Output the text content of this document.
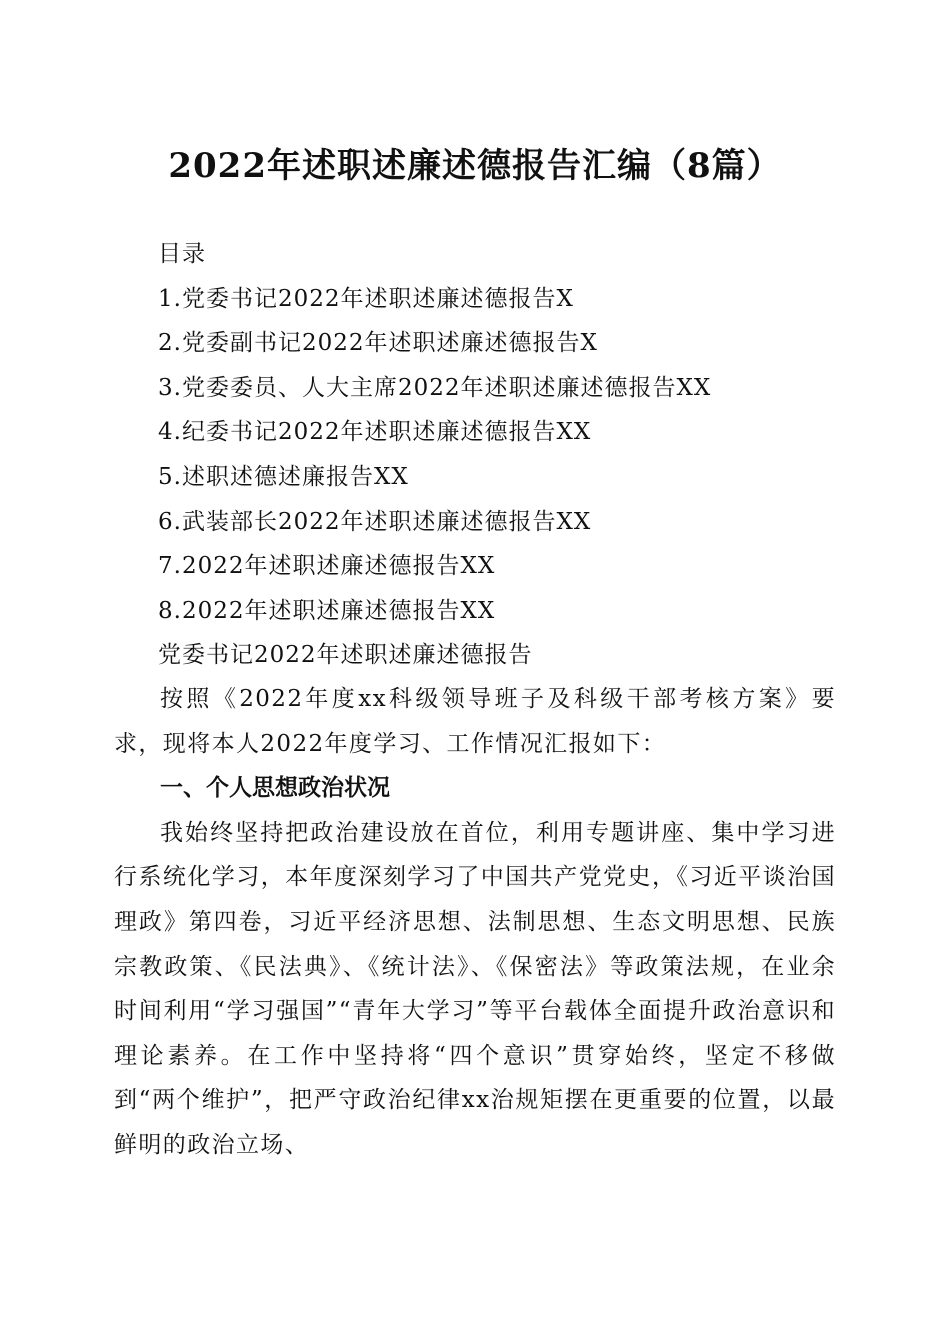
2022年述职述廉述德报告汇编（8篇）
目录
1.党委书记2022年述职述廉述德报告X
2.党委副书记2022年述职述廉述德报告X
3.党委委员、人大主席2022年述职述廉述德报告XX
4.纪委书记2022年述职述廉述德报告XX
5.述职述德述廉报告XX
6.武装部长2022年述职述廉述德报告XX
7.2022年述职述廉述德报告XX
8.2022年述职述廉述德报告XX
党委书记2022年述职述廉述德报告

按照《2022年度xx科级领导班子及科级干部考核方案》要求，现将本人2022年度学习、工作情况汇报如下：

一、个人思想政治状况

我始终坚持把政治建设放在首位，利用专题讲座、集中学习进行系统化学习，本年度深刻学习了中国共产党党史，《习近平谈治国理政》第四卷，习近平经济思想、法制思想、生态文明思想、民族宗教政策、《民法典》、《统计法》、《保密法》等政策法规，在业余时间利用“学习强国”“青年大学习”等平台载体全面提升政治意识和理论素养。在工作中坚持将“四个意识”贯穿始终，坚定不移做到“两个维护”，把严守政治纪律xx治规矩摆在更重要的位置，以最鲜明的政治立场、
